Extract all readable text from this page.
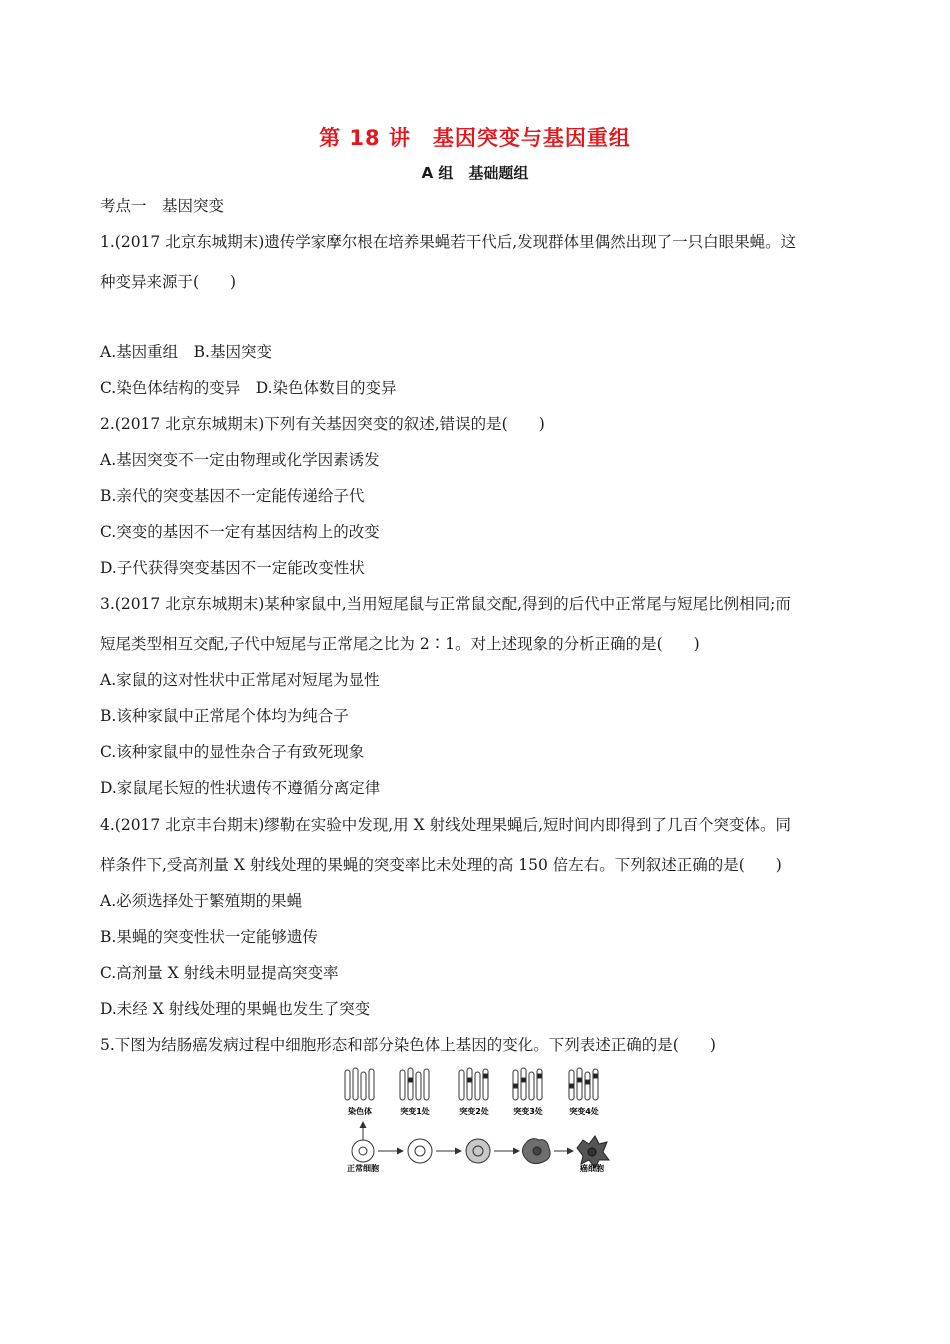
第 18 讲　基因突变与基因重组
A 组　基础题组
考点一　基因突变
1.(2017 北京东城期末)遗传学家摩尔根在培养果蝇若干代后,发现群体里偶然出现了一只白眼果蝇。这
种变异来源于(　　)
A.基因重组　B.基因突变
C.染色体结构的变异　D.染色体数目的变异
2.(2017 北京东城期末)下列有关基因突变的叙述,错误的是(　　)
A.基因突变不一定由物理或化学因素诱发
B.亲代的突变基因不一定能传递给子代
C.突变的基因不一定有基因结构上的改变
D.子代获得突变基因不一定能改变性状
3.(2017 北京东城期末)某种家鼠中,当用短尾鼠与正常鼠交配,得到的后代中正常尾与短尾比例相同;而
短尾类型相互交配,子代中短尾与正常尾之比为 2∶1。对上述现象的分析正确的是(　　)
A.家鼠的这对性状中正常尾对短尾为显性
B.该种家鼠中正常尾个体均为纯合子
C.该种家鼠中的显性杂合子有致死现象
D.家鼠尾长短的性状遗传不遵循分离定律
4.(2017 北京丰台期末)缪勒在实验中发现,用 X 射线处理果蝇后,短时间内即得到了几百个突变体。同
样条件下,受高剂量 X 射线处理的果蝇的突变率比未处理的高 150 倍左右。下列叙述正确的是(　　)
A.必须选择处于繁殖期的果蝇
B.果蝇的突变性状一定能够遗传
C.高剂量 X 射线未明显提高突变率
D.未经 X 射线处理的果蝇也发生了突变
5.下图为结肠癌发病过程中细胞形态和部分染色体上基因的变化。下列表述正确的是(　　)
染色体	突变1处	突变2处	突变3处	突变4处
正常细胞	癌细胞
